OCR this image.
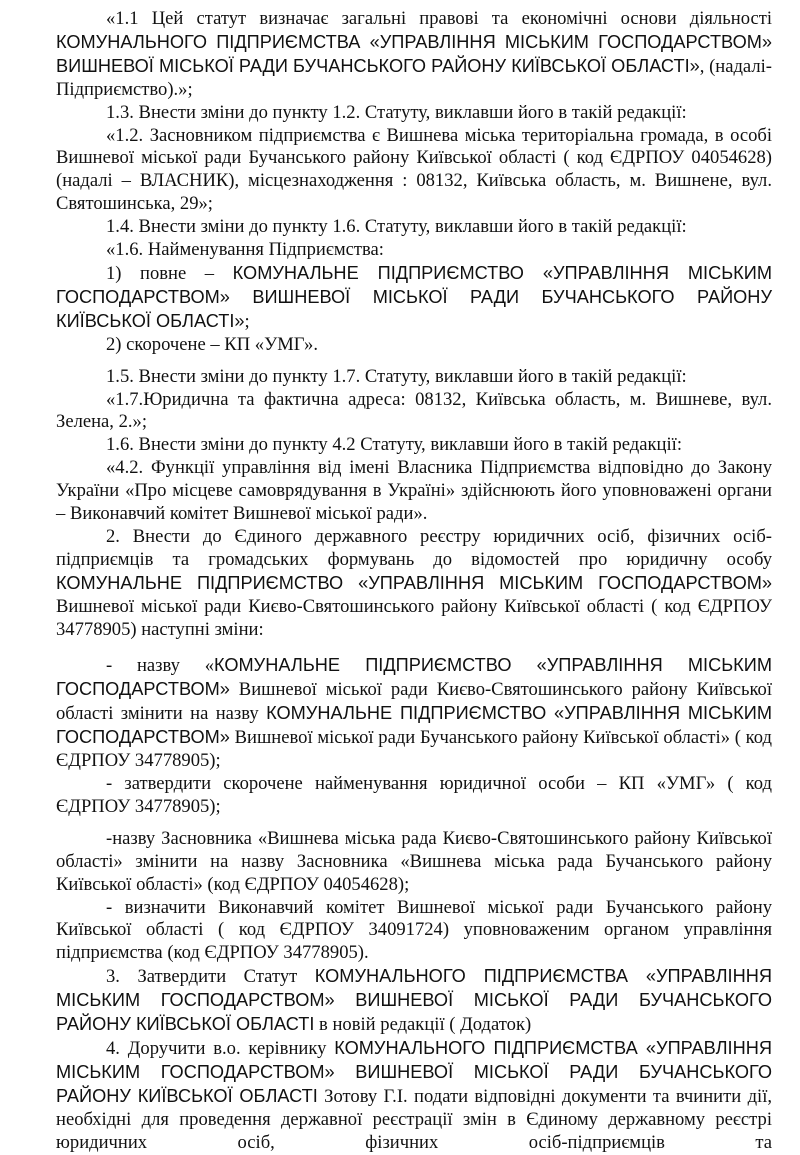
«1.1 Цей статут визначає загальні правові та економічні основи діяльності КОМУНАЛЬНОГО ПІДПРИЄМСТВА «УПРАВЛІННЯ МІСЬКИМ ГОСПОДАРСТВОМ» ВИШНЕВОЇ МІСЬКОЇ РАДИ БУЧАНСЬКОГО РАЙОНУ КИЇВСЬКОЇ ОБЛАСТІ», (надалі- Підприємство).»;

1.3. Внести зміни до пункту 1.2. Статуту, виклавши його в такій редакції:

«1.2. Засновником підприємства є Вишнева міська територіальна громада, в особі Вишневої міської ради Бучанського району Київської області ( код ЄДРПОУ 04054628) (надалі – ВЛАСНИК), місцезнаходження : 08132, Київська область, м. Вишнене, вул. Святошинська, 29»;

1.4. Внести зміни до пункту 1.6. Статуту, виклавши його в такій редакції:

«1.6. Найменування Підприємства:

1) повне – КОМУНАЛЬНЕ ПІДПРИЄМСТВО «УПРАВЛІННЯ МІСЬКИМ ГОСПОДАРСТВОМ» ВИШНЕВОЇ МІСЬКОЇ РАДИ БУЧАНСЬКОГО РАЙОНУ КИЇВСЬКОЇ ОБЛАСТІ»;

2) скорочене – КП «УМГ».

1.5. Внести зміни до пункту 1.7. Статуту, виклавши його в такій редакції:

«1.7.Юридична та фактична адреса: 08132, Київська область, м. Вишневе, вул. Зелена, 2.»;

1.6. Внести зміни до пункту 4.2 Статуту, виклавши його в такій редакції:

«4.2. Функції управління від імені Власника Підприємства відповідно до Закону України «Про місцеве самоврядування в Україні» здійснюють його уповноважені органи – Виконавчий комітет Вишневої міської ради».

2. Внести до Єдиного державного реєстру юридичних осіб, фізичних осіб-підприємців та громадських формувань до відомостей про юридичну особу КОМУНАЛЬНЕ ПІДПРИЄМСТВО «УПРАВЛІННЯ МІСЬКИМ ГОСПОДАРСТВОМ» Вишневої міської ради Києво-Святошинського району Київської області ( код ЄДРПОУ 34778905) наступні зміни:

- назву «КОМУНАЛЬНЕ ПІДПРИЄМСТВО «УПРАВЛІННЯ МІСЬКИМ ГОСПОДАРСТВОМ» Вишневої міської ради Києво-Святошинського району Київської області змінити на назву КОМУНАЛЬНЕ ПІДПРИЄМСТВО «УПРАВЛІННЯ МІСЬКИМ ГОСПОДАРСТВОМ» Вишневої міської ради Бучанського району Київської області» ( код ЄДРПОУ 34778905);

- затвердити скорочене найменування юридичної особи – КП «УМГ» ( код ЄДРПОУ 34778905);

-назву Засновника «Вишнева міська рада Києво-Святошинського району Київської області» змінити на назву Засновника «Вишнева міська рада Бучанського району Київської області» (код ЄДРПОУ 04054628);

- визначити Виконавчий комітет Вишневої міської ради Бучанського району Київської області ( код ЄДРПОУ 34091724) уповноваженим органом управління підприємства (код ЄДРПОУ 34778905).

3. Затвердити Статут КОМУНАЛЬНОГО ПІДПРИЄМСТВА «УПРАВЛІННЯ МІСЬКИМ ГОСПОДАРСТВОМ» ВИШНЕВОЇ МІСЬКОЇ РАДИ БУЧАНСЬКОГО РАЙОНУ КИЇВСЬКОЇ ОБЛАСТІ в новій редакції ( Додаток)

4. Доручити в.о. керівнику КОМУНАЛЬНОГО ПІДПРИЄМСТВА «УПРАВЛІННЯ МІСЬКИМ ГОСПОДАРСТВОМ» ВИШНЕВОЇ МІСЬКОЇ РАДИ БУЧАНСЬКОГО РАЙОНУ КИЇВСЬКОЇ ОБЛАСТІ Зотову Г.І. подати відповідні документи та вчинити дії, необхідні для проведення державної реєстрації змін в Єдиному державному реєстрі юридичних осіб, фізичних осіб-підприємців та
